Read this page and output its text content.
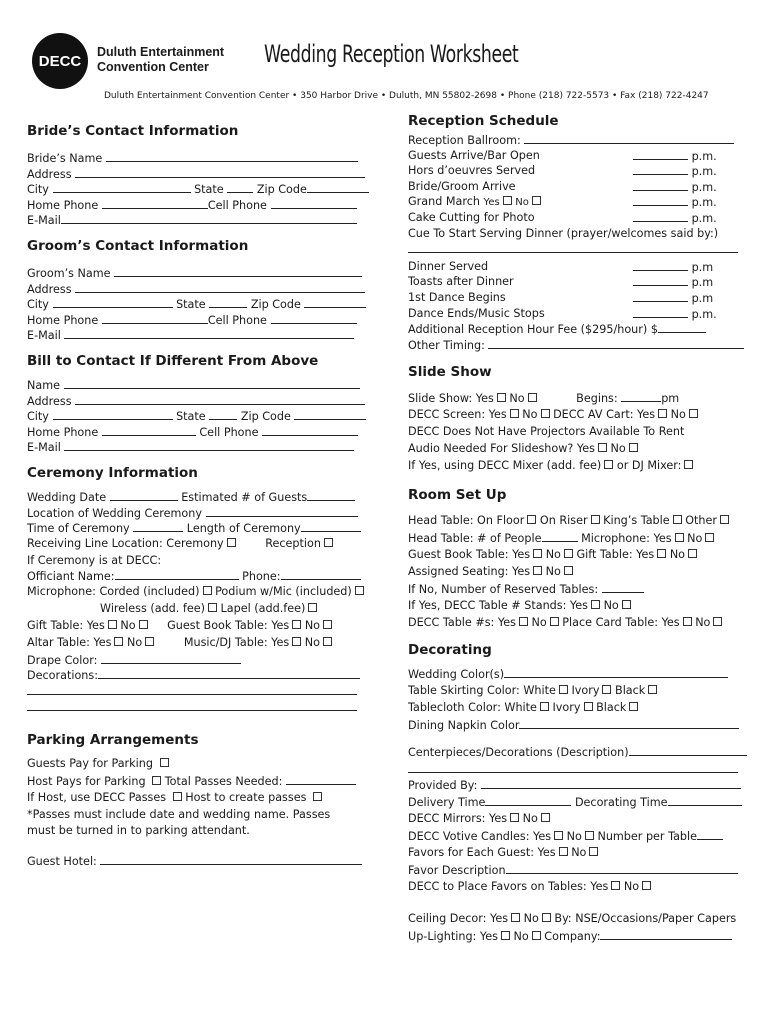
DECC
Duluth Entertainment
Convention Center Wedding Reception Worksheet
Duluth Entertainment Convention Center • 350 Harbor Drive • Duluth, MN 55802-2698 • Phone (218) 722-5573 • Fax (218) 722-4247
Bride’s Contact Information
Bride’s Name
Address
City	State	Zip Code
Home Phone	Cell Phone
E-Mail
Groom’s Contact Information
Groom’s Name
Address
City	State	Zip Code
Home Phone	Cell Phone
E-Mail
Bill to Contact If Different From Above
Name
Address
City	State	Zip Code
Home Phone	Cell Phone
E-Mail
Ceremony Information
Wedding Date	Estimated # of Guests
Location of Wedding Ceremony
Time of Ceremony	Length of Ceremony
Receiving Line Location: Ceremony	Reception
If Ceremony is at DECC:
Officiant Name:	Phone:
Microphone: Corded (included) Podium w/Mic (included)
Wireless (add. fee) Lapel (add.fee)
Gift Table: Yes No	Guest Book Table: Yes No
Altar Table: Yes No	Music/DJ Table: Yes No
Drape Color:
Decorations:
Parking Arrangements
Guests Pay for Parking
Host Pays for Parking Total Passes Needed:
If Host, use DECC Passes Host to create passes
*Passes must include date and wedding name. Passes
must be turned in to parking attendant.
Guest Hotel:
Reception Schedule
Reception Ballroom:
Guests Arrive/Bar Open	p.m.
Hors d’oeuvres Served	p.m.
Bride/Groom Arrive	p.m.
Grand March Yes No	p.m.
Cake Cutting for Photo	p.m.
Cue To Start Serving Dinner (prayer/welcomes said by:)
Dinner Served	p.m
Toasts after Dinner	p.m
1st Dance Begins	p.m
Dance Ends/Music Stops	p.m.
Additional Reception Hour Fee ($295/hour) $
Other Timing:
Slide Show
Slide Show: Yes No	Begins:	pm
DECC Screen: Yes No DECC AV Cart: Yes No
DECC Does Not Have Projectors Available To Rent
Audio Needed For Slideshow? Yes No
If Yes, using DECC Mixer (add. fee) or DJ Mixer:
Room Set Up
Head Table: On Floor On Riser King’s Table Other
Head Table: # of People	Microphone: Yes No
Guest Book Table: Yes No Gift Table: Yes No
Assigned Seating: Yes No
If No, Number of Reserved Tables:
If Yes, DECC Table # Stands: Yes No
DECC Table #s: Yes No Place Card Table: Yes No
Decorating
Wedding Color(s)
Table Skirting Color: White Ivory Black
Tablecloth Color: White Ivory Black
Dining Napkin Color
Centerpieces/Decorations (Description)
Provided By:
Delivery Time	Decorating Time
DECC Mirrors: Yes No
DECC Votive Candles: Yes No Number per Table
Favors for Each Guest: Yes No
Favor Description
DECC to Place Favors on Tables: Yes No
Ceiling Decor: Yes No By: NSE/Occasions/Paper Capers
Up-Lighting: Yes No Company:
